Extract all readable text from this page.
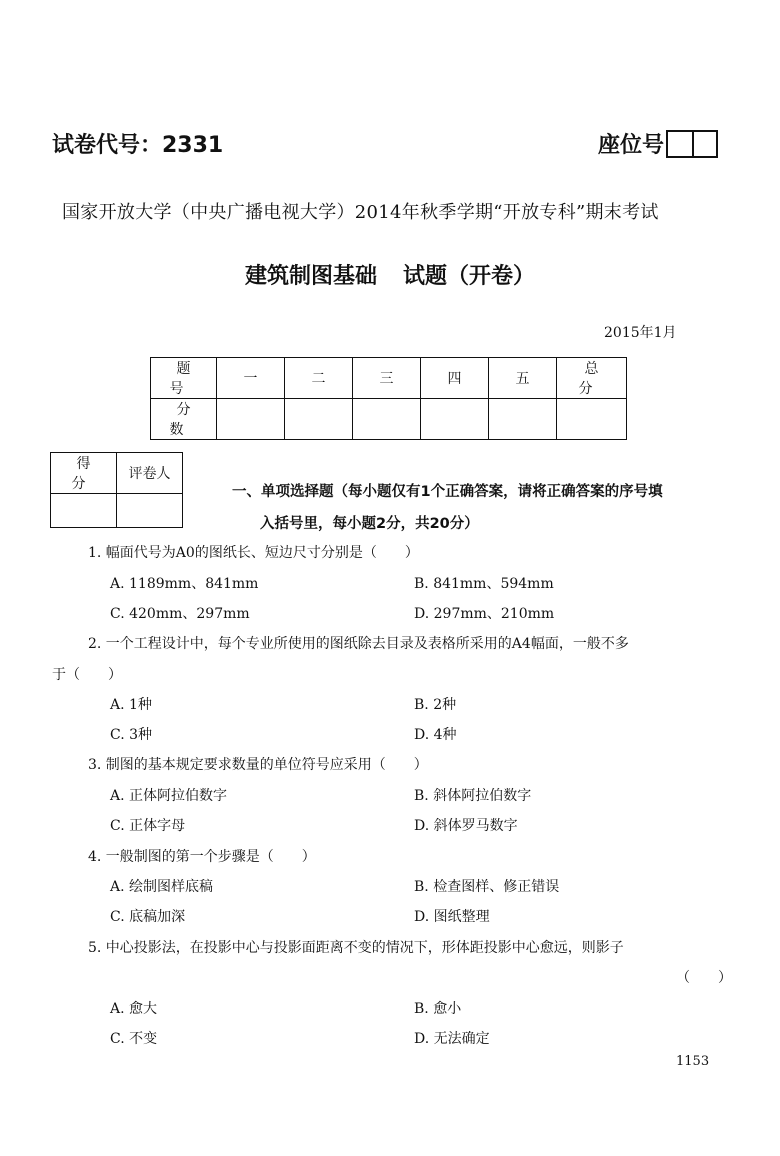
试卷代号：2331	座位号
国家开放大学（中央广播电视大学）2014年秋季学期“开放专科”期末考试
建筑制图基础 试题（开卷）
2015年1月
题 号	一	二	三	四	五	总 分
分 数						
得 分	评卷人

一、单项选择题（每小题仅有1个正确答案，请将正确答案的序号填
入括号里，每小题2分，共20分）
1. 幅面代号为A0的图纸长、短边尺寸分别是（　　）
A. 1189mm、841mm	B. 841mm、594mm
C. 420mm、297mm	D. 297mm、210mm
2. 一个工程设计中，每个专业所使用的图纸除去目录及表格所采用的A4幅面，一般不多
于（　　）
A. 1种	B. 2种
C. 3种	D. 4种
3. 制图的基本规定要求数量的单位符号应采用（　　）
A. 正体阿拉伯数字	B. 斜体阿拉伯数字
C. 正体字母	D. 斜体罗马数字
4. 一般制图的第一个步骤是（　　）
A. 绘制图样底稿	B. 检查图样、修正错误
C. 底稿加深	D. 图纸整理
5. 中心投影法，在投影中心与投影面距离不变的情况下，形体距投影中心愈远，则影子
（　　）
A. 愈大	B. 愈小
C. 不变	D. 无法确定
1153
